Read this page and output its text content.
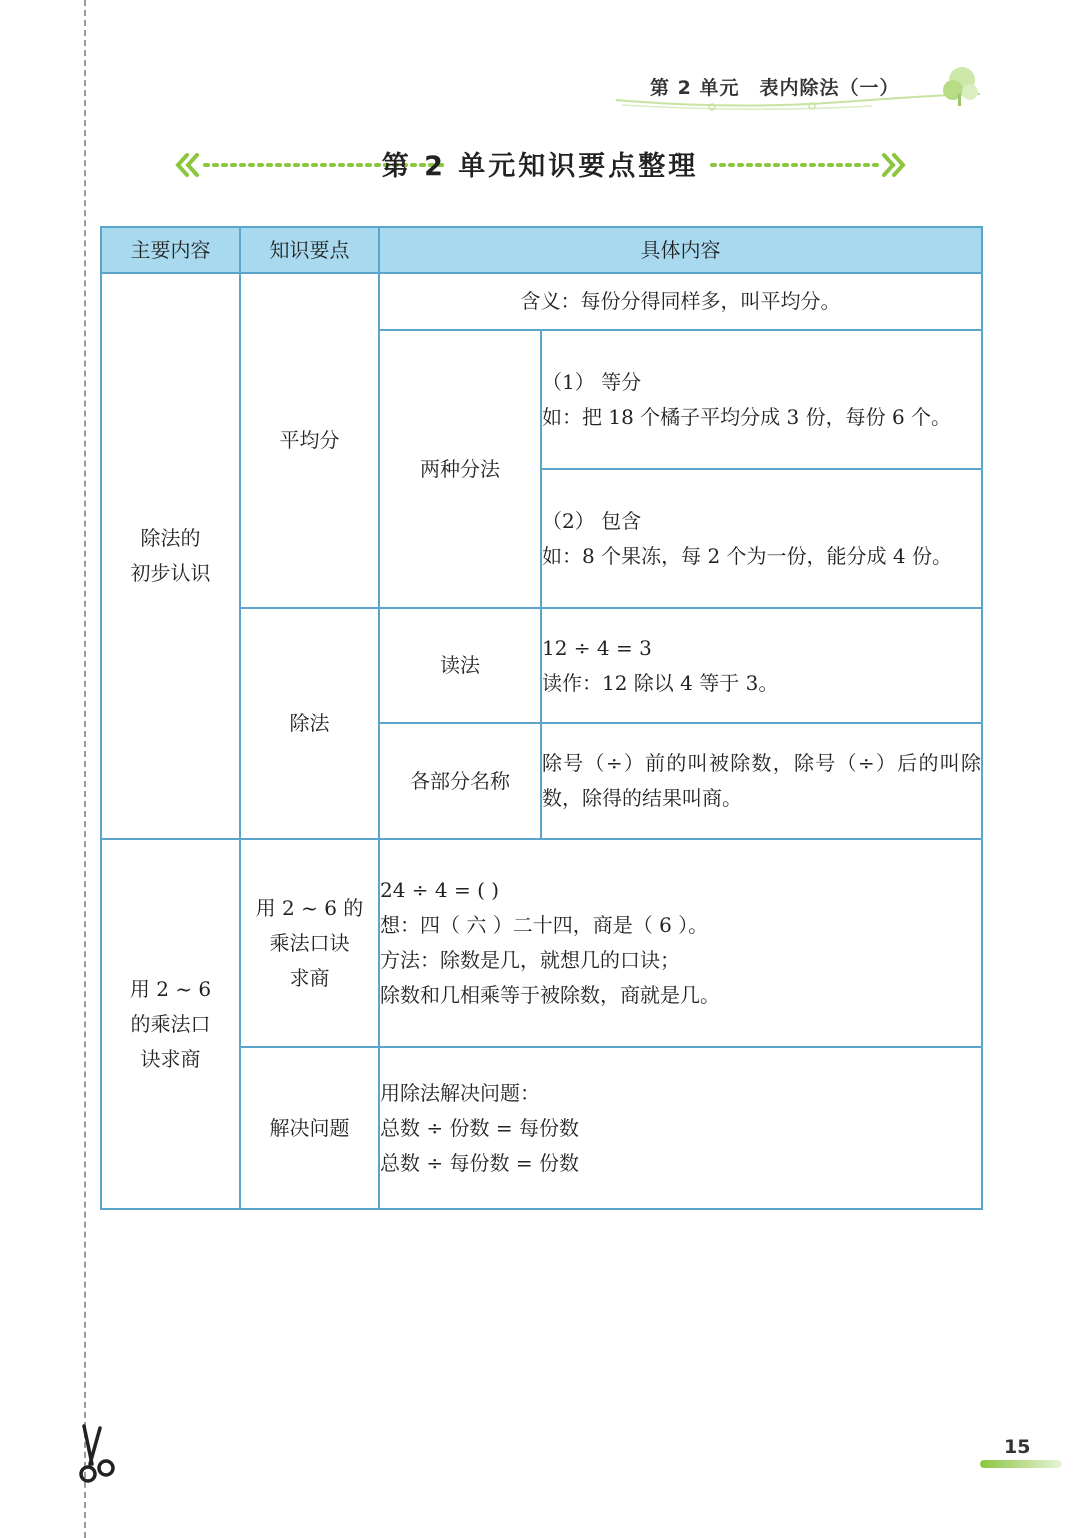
第 2 单元 表内除法（一）
第 2 单元知识要点整理
主要内容	知识要点	具体内容	

除法的
初步认识	平均分	含义：每份分得同样多，叫平均分。	
		两种分法	（1） 等分
如：把 18 个橘子平均分成 3 份，每份 6 个。

			（2） 包含
如：8 个果冻，每 2 个为一份，能分成 4 份。

	除法	读法	12 ÷ 4 = 3
读作：12 除以 4 等于 3。

		各部分名称	除号（÷）前的叫被除数，除号（÷）后的叫除数，除得的结果叫商。

用 2 ~ 6
的乘法口
诀求商	用 2 ~ 6 的
乘法口诀
求商	24 ÷ 4 = ( )
想：四（ 六 ）二十四，商是（ 6 ）。
方法：除数是几，就想几的口诀；
除数和几相乘等于被除数，商就是几。	

	解决问题	用除法解决问题：
总数 ÷ 份数 = 每份数
总数 ÷ 每份数 = 份数	
15
